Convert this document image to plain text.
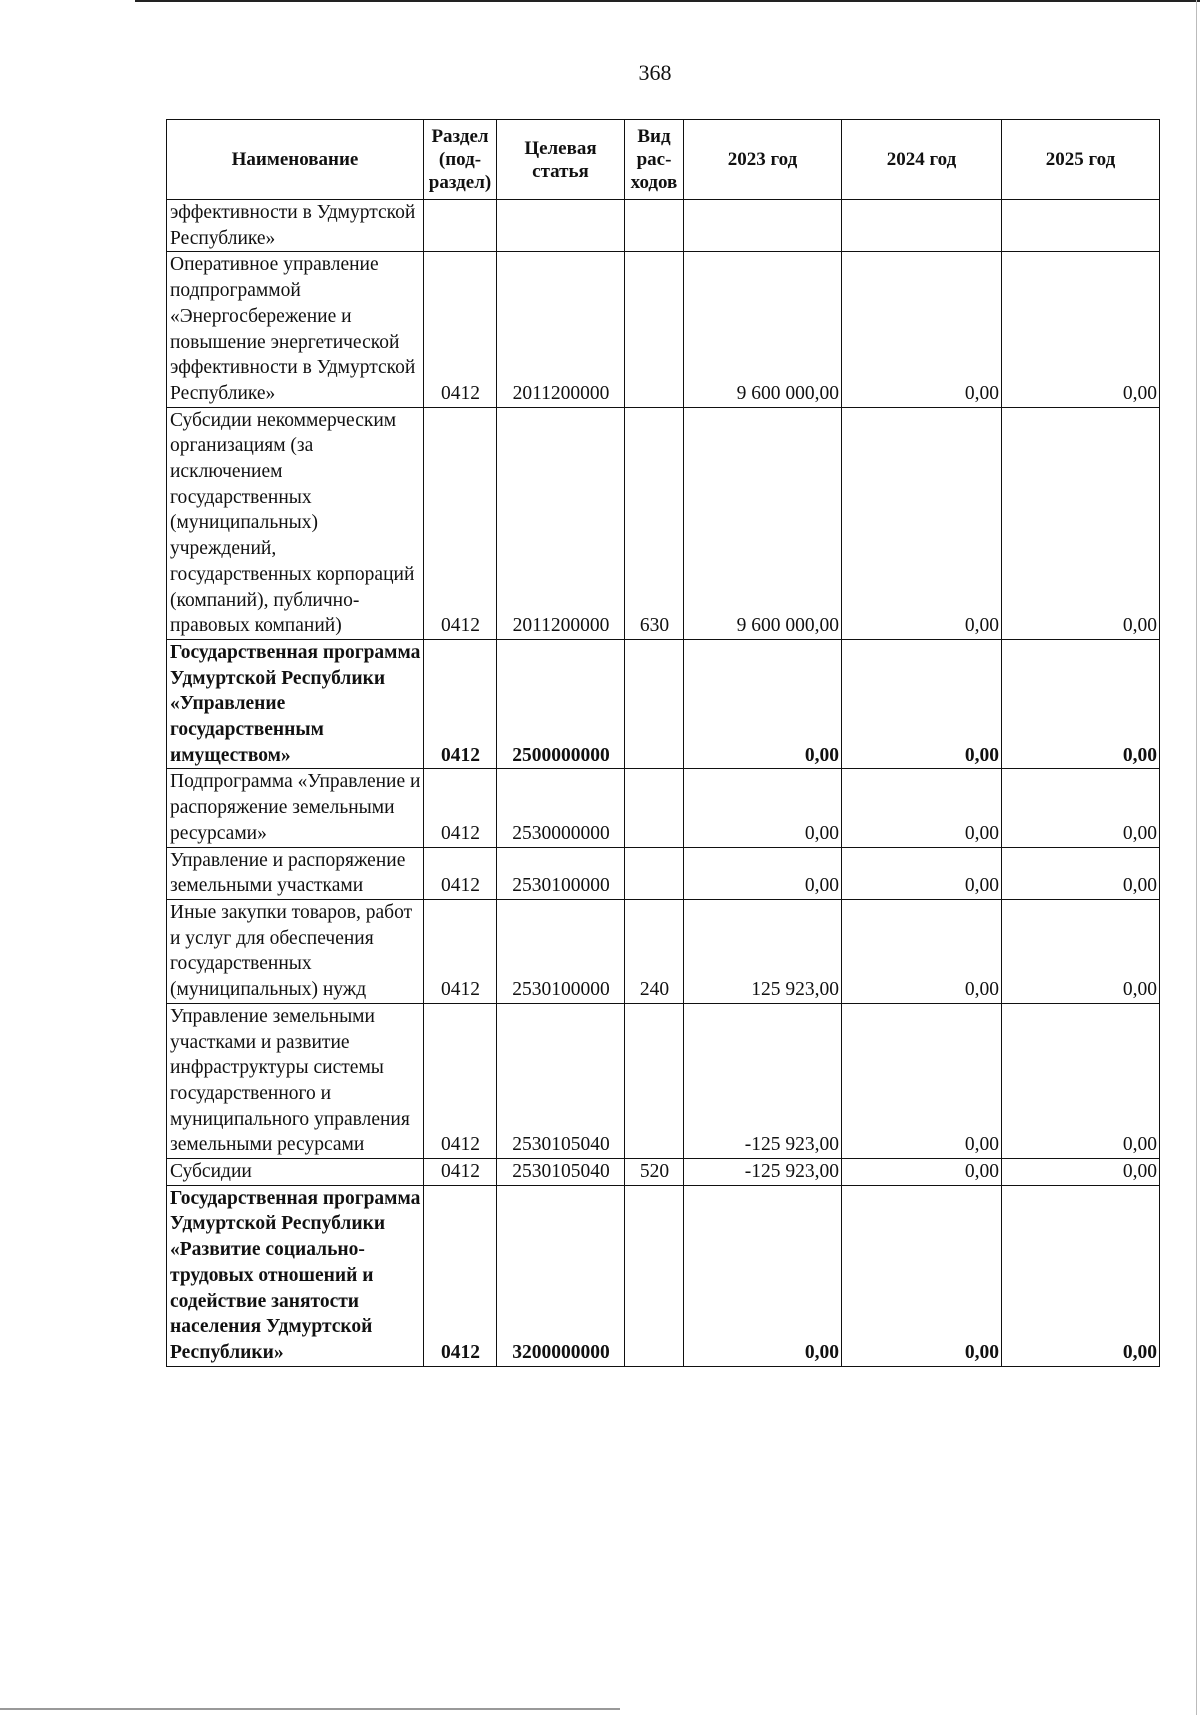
368
Наименование	Раздел (под-раздел)	Целевая статья	Вид рас-ходов	2023 год	2024 год	2025 год
эффективности в Удмуртской Республике»						
Оперативное управление подпрограммой «Энергосбережение и повышение энергетической эффективности в Удмуртской Республике»	0412	2011200000		9 600 000,00	0,00	0,00
Субсидии некоммерческим организациям (за исключением государственных (муниципальных) учреждений, государственных корпораций (компаний), публично-правовых компаний)	0412	2011200000	630	9 600 000,00	0,00	0,00
Государственная программа Удмуртской Республики «Управление государственным имуществом»	0412	2500000000		0,00	0,00	0,00
Подпрограмма «Управление и распоряжение земельными ресурсами»	0412	2530000000		0,00	0,00	0,00
Управление и распоряжение земельными участками	0412	2530100000		0,00	0,00	0,00
Иные закупки товаров, работ и услуг для обеспечения государственных (муниципальных) нужд	0412	2530100000	240	125 923,00	0,00	0,00
Управление земельными участками и развитие инфраструктуры системы государственного и муниципального управления земельными ресурсами	0412	2530105040		-125 923,00	0,00	0,00
Субсидии	0412	2530105040	520	-125 923,00	0,00	0,00
Государственная программа Удмуртской Республики «Развитие социально-трудовых отношений и содействие занятости населения Удмуртской Республики»	0412	3200000000		0,00	0,00	0,00
